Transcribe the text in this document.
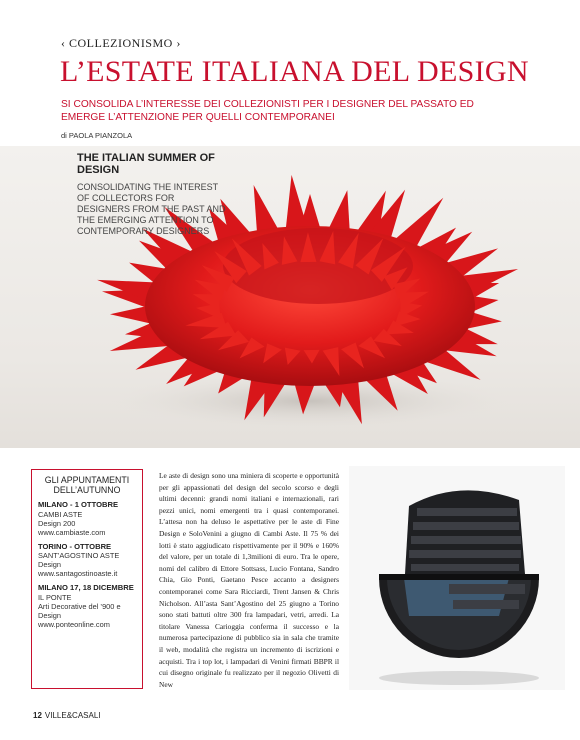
‹ COLLEZIONISMO ›
L’ESTATE ITALIANA DEL DESIGN
SI CONSOLIDA L’INTERESSE DEI COLLEZIONISTI PER I DESIGNER DEL PASSATO ED EMERGE L’ATTENZIONE PER QUELLI CONTEMPORANEI
di PAOLA PIANZOLA
THE ITALIAN SUMMER OF DESIGN
CONSOLIDATING THE INTEREST OF COLLECTORS FOR DESIGNERS FROM THE PAST AND THE EMERGING ATTENTION TO CONTEMPORARY DESIGNERS
GLI APPUNTAMENTI DELL’AUTUNNO
MILANO - 1 OTTOBRE
CAMBI ASTE
Design 200
www.cambiaste.com
TORINO - OTTOBRE
SANT’AGOSTINO ASTE
Design
www.santagostinoaste.it
MILANO 17, 18 DICEMBRE
IL PONTE
Arti Decorative del ’900 e Design
www.ponteonline.com

Le aste di design sono una miniera di scoperte e opportunità per gli appassionati del design del secolo scorso e degli ultimi decenni: grandi nomi italiani e internazionali, rari pezzi unici, nomi emergenti tra i quasi contemporanei. L’attesa non ha deluso le aspettative per le aste di Fine Design e SoloVenini a giugno di Cambi Aste. Il 75 % dei lotti è stato aggiudicato rispettivamente per il 90% e 160% del valore, per un totale di 1,3milioni di euro. Tra le opere, nomi del calibro di Ettore Sottsass, Lucio Fontana, Sandro Chia, Gio Ponti, Gaetano Pesce accanto a designers contemporanei come Sara Ricciardi, Trent Jansen & Chris Nicholson. All’asta Sant’Agostino del 25 giugno a Torino sono stati battuti oltre 300 fra lampadari, vetri, arredi. La titolare Vanessa Carioggia conferma il successo e la numerosa partecipazione di pubblico sia in sala che tramite il web, modalità che registra un incremento di iscrizioni e acquisti. Tra i top lot, i lampadari di Venini firmati BBPR il cui disegno originale fu realizzato per il negozio Olivetti di New

12 VILLE&CASALI
